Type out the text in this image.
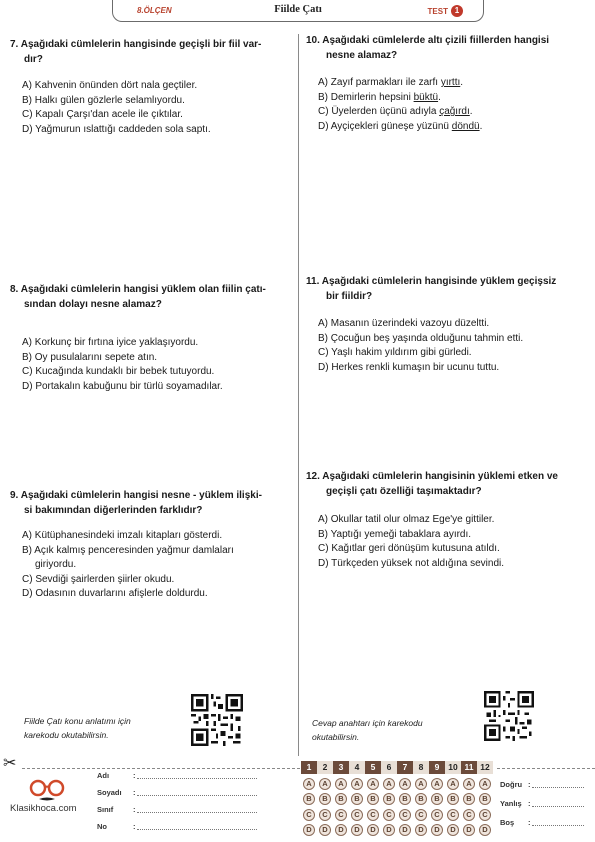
8.ÖLÇEN	Fiilde Çatı	TEST 1
7. Aşağıdaki cümlelerin hangisinde geçişli bir fiil var-
dır?
A) Kahvenin önünden dört nala geçtiler.
B) Halkı gülen gözlerle selamlıyordu.
C) Kapalı Çarşı'dan acele ile çıktılar.
D) Yağmurun ıslattığı caddeden sola saptı.
8. Aşağıdaki cümlelerin hangisi yüklem olan fiilin çatı-
sından dolayı nesne alamaz?
A) Korkunç bir fırtına iyice yaklaşıyordu.
B) Oy pusulalarını sepete atın.
C) Kucağında kundaklı bir bebek tutuyordu.
D) Portakalın kabuğunu bir türlü soyamadılar.
9. Aşağıdaki cümlelerin hangisi nesne - yüklem ilişki-
si bakımından diğerlerinden farklıdır?
A) Kütüphanesindeki imzalı kitapları gösterdi.
B) Açık kalmış penceresinden yağmur damlaları
giriyordu.
C) Sevdiği şairlerden şiirler okudu.
D) Odasının duvarlarını afişlerle doldurdu.
10. Aşağıdaki cümlelerde altı çizili fiillerden hangisi
nesne alamaz?
A) Zayıf parmakları ile zarfı yırttı.
B) Demirlerin hepsini büktü.
C) Üyelerden üçünü adıyla çağırdı.
D) Ayçiçekleri güneşe yüzünü döndü.
11. Aşağıdaki cümlelerin hangisinde yüklem geçişsiz
bir fiildir?
A) Masanın üzerindeki vazoyu düzeltti.
B) Çocuğun beş yaşında olduğunu tahmin etti.
C) Yaşlı hakim yıldırım gibi gürledi.
D) Herkes renkli kumaşın bir ucunu tuttu.
12. Aşağıdaki cümlelerin hangisinin yüklemi etken ve
geçişli çatı özelliği taşımaktadır?
A) Okullar tatil olur olmaz Ege'ye gittiler.
B) Yaptığı yemeği tabaklara ayırdı.
C) Kağıtlar geri dönüşüm kutusuna atıldı.
D) Türkçeden yüksek not aldığına sevindi.
Fiilde Çatı konu anlatımı için
karekodu okutabilirsin.
Cevap anahtarı için karekodu
okutabilirsin.
✂
Klasikhoca.com
Adı	:
Soyadı :
Sınıf	:
No	:
1	2	3	4	5	6	7	8	9	10 11 12
A	A	A	A	A	A	A	A	A	A	A	A
B	B	B	B	B	B	B	B	B	B	B	B
C	C	C	C	C	C	C	C	C	C	C	C
D	D	D	D	D	D	D	D	D	D	D	D
Doğru :
Yanlış :
Boş :
